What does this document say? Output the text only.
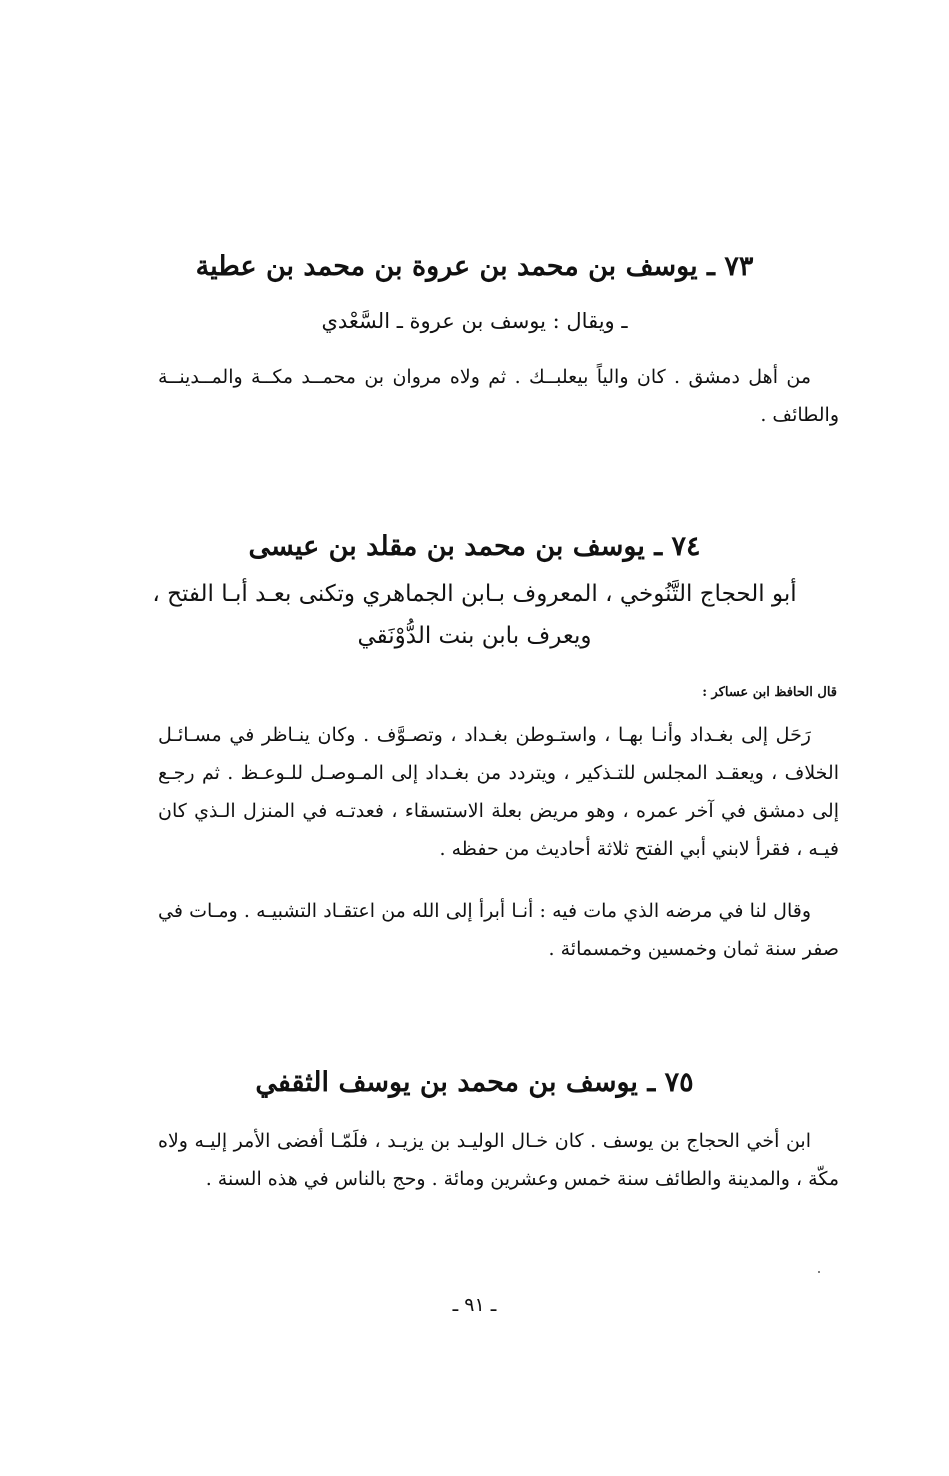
٧٣ ـ يوسف بن محمد بن عروة بن محمد بن عطية
ـ ويقال : يوسف بن عروة ـ السَّعْدي
من أهل دمشق . كان والياً بيعلبــك . ثم ولاه مروان بن محمــد مكــة والمــدينــة والطائف .
٧٤ ـ يوسف بن محمد بن مقلد بن عيسى
أبو الحجاج التَّنُوخي ، المعروف بـابن الجماهري وتكنى بعـد أبـا الفتح ، ويعرف بابن بنت الدُّوْنَقي
قال الحافظ ابن عساكر :
رَحَل إلى بغـداد وأنـا بهـا ، واستـوطن بغـداد ، وتصـوَّف . وكان ينـاظر في مسـائـل الخلاف ، ويعقـد المجلس للتـذكير ، ويتردد من بغـداد إلى المـوصـل للـوعـظ . ثم رجـع إلى دمشق في آخر عمره ، وهو مريض بعلة الاستسقاء ، فعدتـه في المنزل الـذي كان فيـه ، فقرأ لابني أبي الفتح ثلاثة أحاديث من حفظه .
وقال لنا في مرضه الذي مات فيه : أنـا أبرأ إلى الله من اعتقـاد التشبيـه . ومـات في صفر سنة ثمان وخمسين وخمسمائة .
٧٥ ـ يوسف بن محمد بن يوسف الثقفي
ابن أخي الحجاج بن يوسف . كان خـال الوليـد بن يزيـد ، فلَمّـا أفضى الأمر إليـه ولاه مكّة ، والمدينة والطائف سنة خمس وعشرين ومائة . وحج بالناس في هذه السنة .
ـ ٩١ ـ
